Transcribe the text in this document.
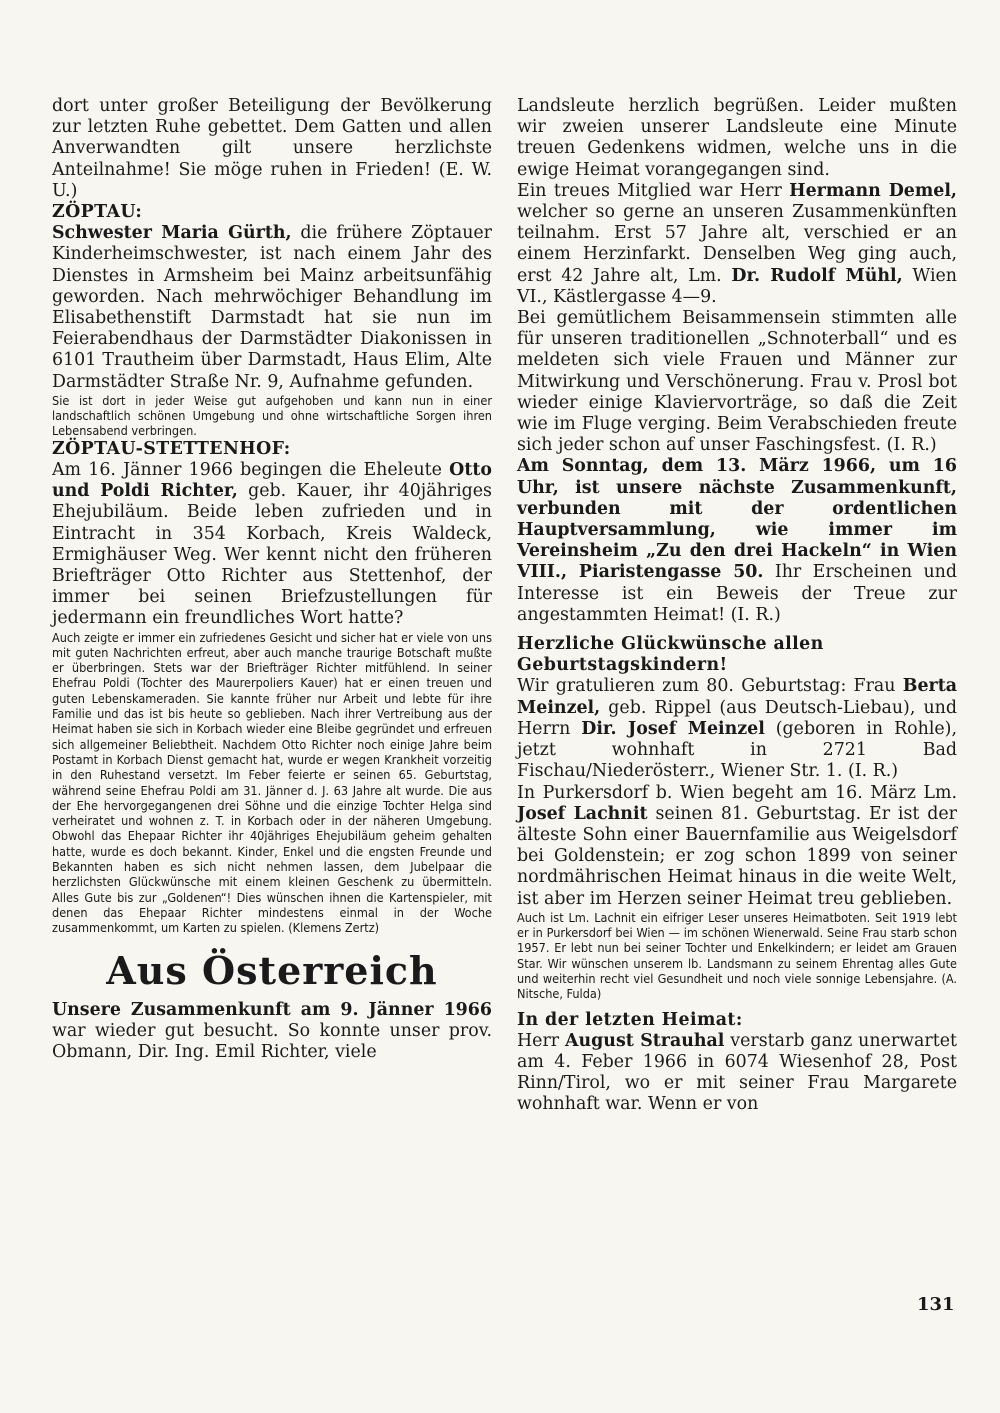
dort unter großer Beteiligung der Bevölkerung zur letzten Ruhe gebettet. Dem Gatten und allen Anverwandten gilt unsere herzlichste Anteilnahme! Sie möge ruhen in Frieden! (E. W. U.)

ZÖPTAU:

Schwester Maria Gürth, die frühere Zöptauer Kinderheimschwester, ist nach einem Jahr des Dienstes in Armsheim bei Mainz arbeitsunfähig geworden. Nach mehrwöchiger Behandlung im Elisabethenstift Darmstadt hat sie nun im Feierabendhaus der Darmstädter Diakonissen in 6101 Trautheim über Darmstadt, Haus Elim, Alte Darmstädter Straße Nr. 9, Aufnahme gefunden.

Sie ist dort in jeder Weise gut aufgehoben und kann nun in einer landschaftlich schönen Umgebung und ohne wirtschaftliche Sorgen ihren Lebensabend verbringen.

ZÖPTAU-STETTENHOF:

Am 16. Jänner 1966 begingen die Eheleute Otto und Poldi Richter, geb. Kauer, ihr 40jähriges Ehejubiläum. Beide leben zufrieden und in Eintracht in 354 Korbach, Kreis Waldeck, Ermighäuser Weg. Wer kennt nicht den früheren Briefträger Otto Richter aus Stettenhof, der immer bei seinen Briefzustellungen für jedermann ein freundliches Wort hatte?

Auch zeigte er immer ein zufriedenes Gesicht und sicher hat er viele von uns mit guten Nachrichten erfreut, aber auch manche traurige Botschaft mußte er überbringen. Stets war der Briefträger Richter mitfühlend. In seiner Ehefrau Poldi (Tochter des Maurerpoliers Kauer) hat er einen treuen und guten Lebenskameraden. Sie kannte früher nur Arbeit und lebte für ihre Familie und das ist bis heute so geblieben. Nach ihrer Vertreibung aus der Heimat haben sie sich in Korbach wieder eine Bleibe gegründet und erfreuen sich allgemeiner Beliebtheit. Nachdem Otto Richter noch einige Jahre beim Postamt in Korbach Dienst gemacht hat, wurde er wegen Krankheit vorzeitig in den Ruhestand versetzt. Im Feber feierte er seinen 65. Geburtstag, während seine Ehefrau Poldi am 31. Jänner d. J. 63 Jahre alt wurde. Die aus der Ehe hervorgegangenen drei Söhne und die einzige Tochter Helga sind verheiratet und wohnen z. T. in Korbach oder in der näheren Umgebung. Obwohl das Ehepaar Richter ihr 40jähriges Ehejubiläum geheim gehalten hatte, wurde es doch bekannt. Kinder, Enkel und die engsten Freunde und Bekannten haben es sich nicht nehmen lassen, dem Jubelpaar die herzlichsten Glückwünsche mit einem kleinen Geschenk zu übermitteln. Alles Gute bis zur „Goldenen“! Dies wünschen ihnen die Kartenspieler, mit denen das Ehepaar Richter mindestens einmal in der Woche zusammenkommt, um Karten zu spielen. (Klemens Zertz)

Aus Österreich

Unsere Zusammenkunft am 9. Jänner 1966 war wieder gut besucht. So konnte unser prov. Obmann, Dir. Ing. Emil Richter, viele

Landsleute herzlich begrüßen. Leider mußten wir zweien unserer Landsleute eine Minute treuen Gedenkens widmen, welche uns in die ewige Heimat vorangegangen sind.

Ein treues Mitglied war Herr Hermann Demel, welcher so gerne an unseren Zusammenkünften teilnahm. Erst 57 Jahre alt, verschied er an einem Herzinfarkt. Denselben Weg ging auch, erst 42 Jahre alt, Lm. Dr. Rudolf Mühl, Wien VI., Kästlergasse 4—9.

Bei gemütlichem Beisammensein stimmten alle für unseren traditionellen „Schnoterball“ und es meldeten sich viele Frauen und Männer zur Mitwirkung und Verschönerung. Frau v. Prosl bot wieder einige Klaviervorträge, so daß die Zeit wie im Fluge verging. Beim Verabschieden freute sich jeder schon auf unser Faschingsfest. (I. R.)

Am Sonntag, dem 13. März 1966, um 16 Uhr, ist unsere nächste Zusammenkunft, verbunden mit der ordentlichen Hauptversammlung, wie immer im Vereinsheim „Zu den drei Hackeln“ in Wien VIII., Piaristengasse 50. Ihr Erscheinen und Interesse ist ein Beweis der Treue zur angestammten Heimat! (I. R.)

Herzliche Glückwünsche allen Geburtstagskindern!

Wir gratulieren zum 80. Geburtstag: Frau Berta Meinzel, geb. Rippel (aus Deutsch-Liebau), und Herrn Dir. Josef Meinzel (geboren in Rohle), jetzt wohnhaft in 2721 Bad Fischau/Niederösterr., Wiener Str. 1. (I. R.)

In Purkersdorf b. Wien begeht am 16. März Lm. Josef Lachnit seinen 81. Geburtstag. Er ist der älteste Sohn einer Bauernfamilie aus Weigelsdorf bei Goldenstein; er zog schon 1899 von seiner nordmährischen Heimat hinaus in die weite Welt, ist aber im Herzen seiner Heimat treu geblieben.

Auch ist Lm. Lachnit ein eifriger Leser unseres Heimatboten. Seit 1919 lebt er in Purkersdorf bei Wien — im schönen Wienerwald. Seine Frau starb schon 1957. Er lebt nun bei seiner Tochter und Enkelkindern; er leidet am Grauen Star. Wir wünschen unserem lb. Landsmann zu seinem Ehrentag alles Gute und weiterhin recht viel Gesundheit und noch viele sonnige Lebensjahre. (A. Nitsche, Fulda)

In der letzten Heimat:

Herr August Strauhal verstarb ganz unerwartet am 4. Feber 1966 in 6074 Wiesenhof 28, Post Rinn/Tirol, wo er mit seiner Frau Margarete wohnhaft war. Wenn er von

131
